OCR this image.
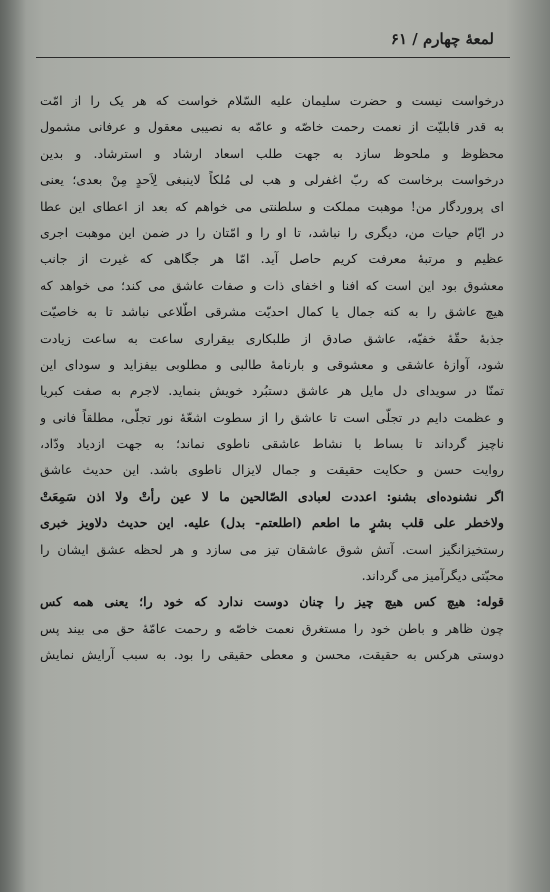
لمعهٔ چهارم / ۶۱
درخواست نیست و حضرت سلیمان علیه السّلام خواست که هر یک را از امّت
به قدر قابلیّت از نعمت رحمت خاصّه و عامّه به نصیبی معقول و عرفانی مشمول
محظوظ و ملحوظ سازد به جهت طلب اسعاد ارشاد و استرشاد. و بدین
درخواست برخاست که ربّ اغفرلی و هب لی مُلکاً لاینبغی لِاَحدٍ مِنْ بعدی؛ یعنی
ای پروردگار من! موهبت مملکت و سلطنتی می خواهم که بعد از اعطای این عطا
در ایّام حیات من، دیگری را نباشد، تا او را و امّتان را در ضمن این موهبت اجری
عظیم و مرتبهٔ معرفت کریم حاصل آید. امّا هر جگاهی که غیرت از جانب
معشوق بود این است که افنا و اخفای ذات و صفات عاشق می کند؛ می خواهد که
هیچ عاشق را به کنه جمال یا کمال احدیّت مشرقی اطّلاعی نباشد تا به خاصیّت
جذبهٔ حقّهٔ خفیّه، عاشق صادق از طلبکاری بیقراری ساعت به ساعت زیادت
شود، آوازهٔ عاشقی و معشوقی و بارنامهٔ طالبی و مطلوبی بیفزاید و سودای این
تمنّا در سویدای دل مایل هر عاشق دستبُرد خویش بنماید. لاجرم به صفت کبریا
و عظمت دایم در تجلّی است تا عاشق را از سطوت اشعّهٔ نور تجلّی، مطلقاً فانی و
ناچیز گرداند تا بساط با نشاط عاشقی ناطوی نماند؛ به جهت ازدیاد ودّاد،
روایت حسن و حکایت حقیقت و جمال لایزال ناطوی باشد. این حدیث عاشق
اگر نشنوده‌ای بشنو: اعددت لعبادی الصّالحین ما لا عین رأتْ ولا اذن سَمِعَتْ
ولاخطر علی قلب بشرٍ ما اطعم (اطلعتم- بدل) علیه. این حدیث دلاویز خبری
رستخیزانگیز است. آتش شوق عاشقان تیز می سازد و هر لحظه عشق ایشان را
محبّتی دیگرآمیز می گرداند.
قوله: هیچ کس هیچ چیز را چنان دوست ندارد که خود را؛ یعنی همه کس
چون ظاهر و باطن خود را مستغرق نعمت خاصّه و رحمت عامّهٔ حق می بیند پس
دوستی هرکس به حقیقت، محسن و معطی حقیقی را بود. به سبب آرایش نمایش
